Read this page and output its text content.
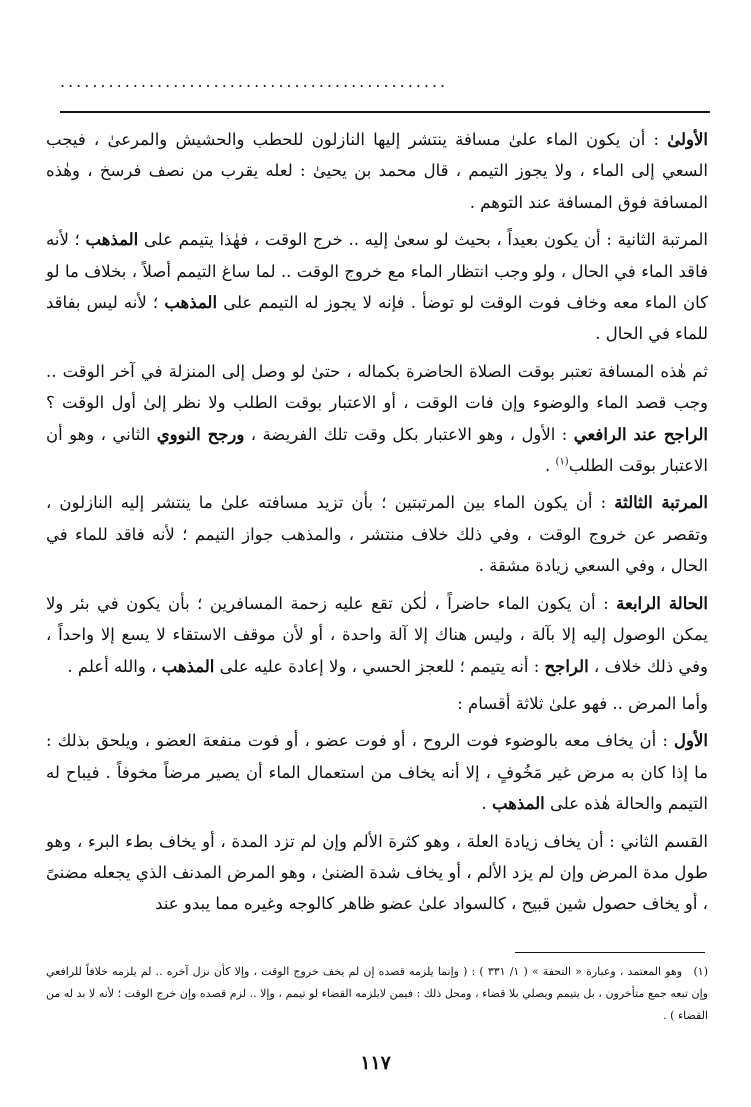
................................................

الأولىٰ : أن يكون الماء علىٰ مسافة ينتشر إليها النازلون للحطب والحشيش والمرعىٰ ، فيجب السعي إلى الماء ، ولا يجوز التيمم ، قال محمد بن يحيىٰ : لعله يقرب من نصف فرسخ ، وهٰذه المسافة فوق المسافة عند التوهم .

المرتبة الثانية : أن يكون بعيداً ، بحيث لو سعىٰ إليه .. خرج الوقت ، فهٰذا يتيمم على المذهب ؛ لأنه فاقد الماء في الحال ، ولو وجب انتظار الماء مع خروج الوقت .. لما ساغ التيمم أصلاً ، بخلاف ما لو كان الماء معه وخاف فوت الوقت لو توضأ . فإنه لا يجوز له التيمم على المذهب ؛ لأنه ليس بفاقد للماء في الحال .

ثم هٰذه المسافة تعتبر بوقت الصلاة الحاضرة بكماله ، حتىٰ لو وصل إلى المنزلة في آخر الوقت .. وجب قصد الماء والوضوء وإن فات الوقت ، أو الاعتبار بوقت الطلب ولا نظر إلىٰ أول الوقت ؟ الراجح عند الرافعي : الأول ، وهو الاعتبار بكل وقت تلك الفريضة ، ورجح النووي الثاني ، وهو أن الاعتبار بوقت الطلب$^{(١)}$ .

المرتبة الثالثة : أن يكون الماء بين المرتبتين ؛ بأن تزيد مسافته علىٰ ما ينتشر إليه النازلون ، وتقصر عن خروج الوقت ، وفي ذلك خلاف منتشر ، والمذهب جواز التيمم ؛ لأنه فاقد للماء في الحال ، وفي السعي زيادة مشقة .

الحالة الرابعة : أن يكون الماء حاضراً ، لٰكن تقع عليه زحمة المسافرين ؛ بأن يكون في بئر ولا يمكن الوصول إليه إلا بآلة ، وليس هناك إلا آلة واحدة ، أو لأن موقف الاستقاء لا يسع إلا واحداً ، وفي ذلك خلاف ، الراجح : أنه يتيمم ؛ للعجز الحسي ، ولا إعادة عليه على المذهب ، والله أعلم .

وأما المرض .. فهو علىٰ ثلاثة أقسام :

الأول : أن يخاف معه بالوضوء فوت الروح ، أو فوت عضو ، أو فوت منفعة العضو ، ويلحق بذلك : ما إذا كان به مرض غير مَخُوفٍ ، إلا أنه يخاف من استعمال الماء أن يصير مرضاً مخوفاً . فيباح له التيمم والحالة هٰذه على المذهب .

القسم الثاني : أن يخاف زيادة العلة ، وهو كثرة الألم وإن لم تزد المدة ، أو يخاف بطء البرء ، وهو طول مدة المرض وإن لم يزد الألم ، أو يخاف شدة الضنىٰ ، وهو المرض المدنف الذي يجعله مضنىً ، أو يخاف حصول شين قبيح ، كالسواد علىٰ عضو ظاهر كالوجه وغيره مما يبدو عند

(١)وهو المعتمد ، وعبارة « التحفة » ( ١/ ٣٣١ ) : ( وإنما يلزمه قصده إن لم يخف خروج الوقت ، وإلا كأن نزل آخره .. لم يلزمه خلافاً للرافعي وإن تبعه جمع متأخرون ، بل يتيمم ويصلي بلا قضاء ، ومحل ذلك : فيمن لايلزمه القضاء لو تيمم ، وإلا .. لزم قصده وإن خرج الوقت ؛ لأنه لا بد له من القضاء ) .
١١٧
